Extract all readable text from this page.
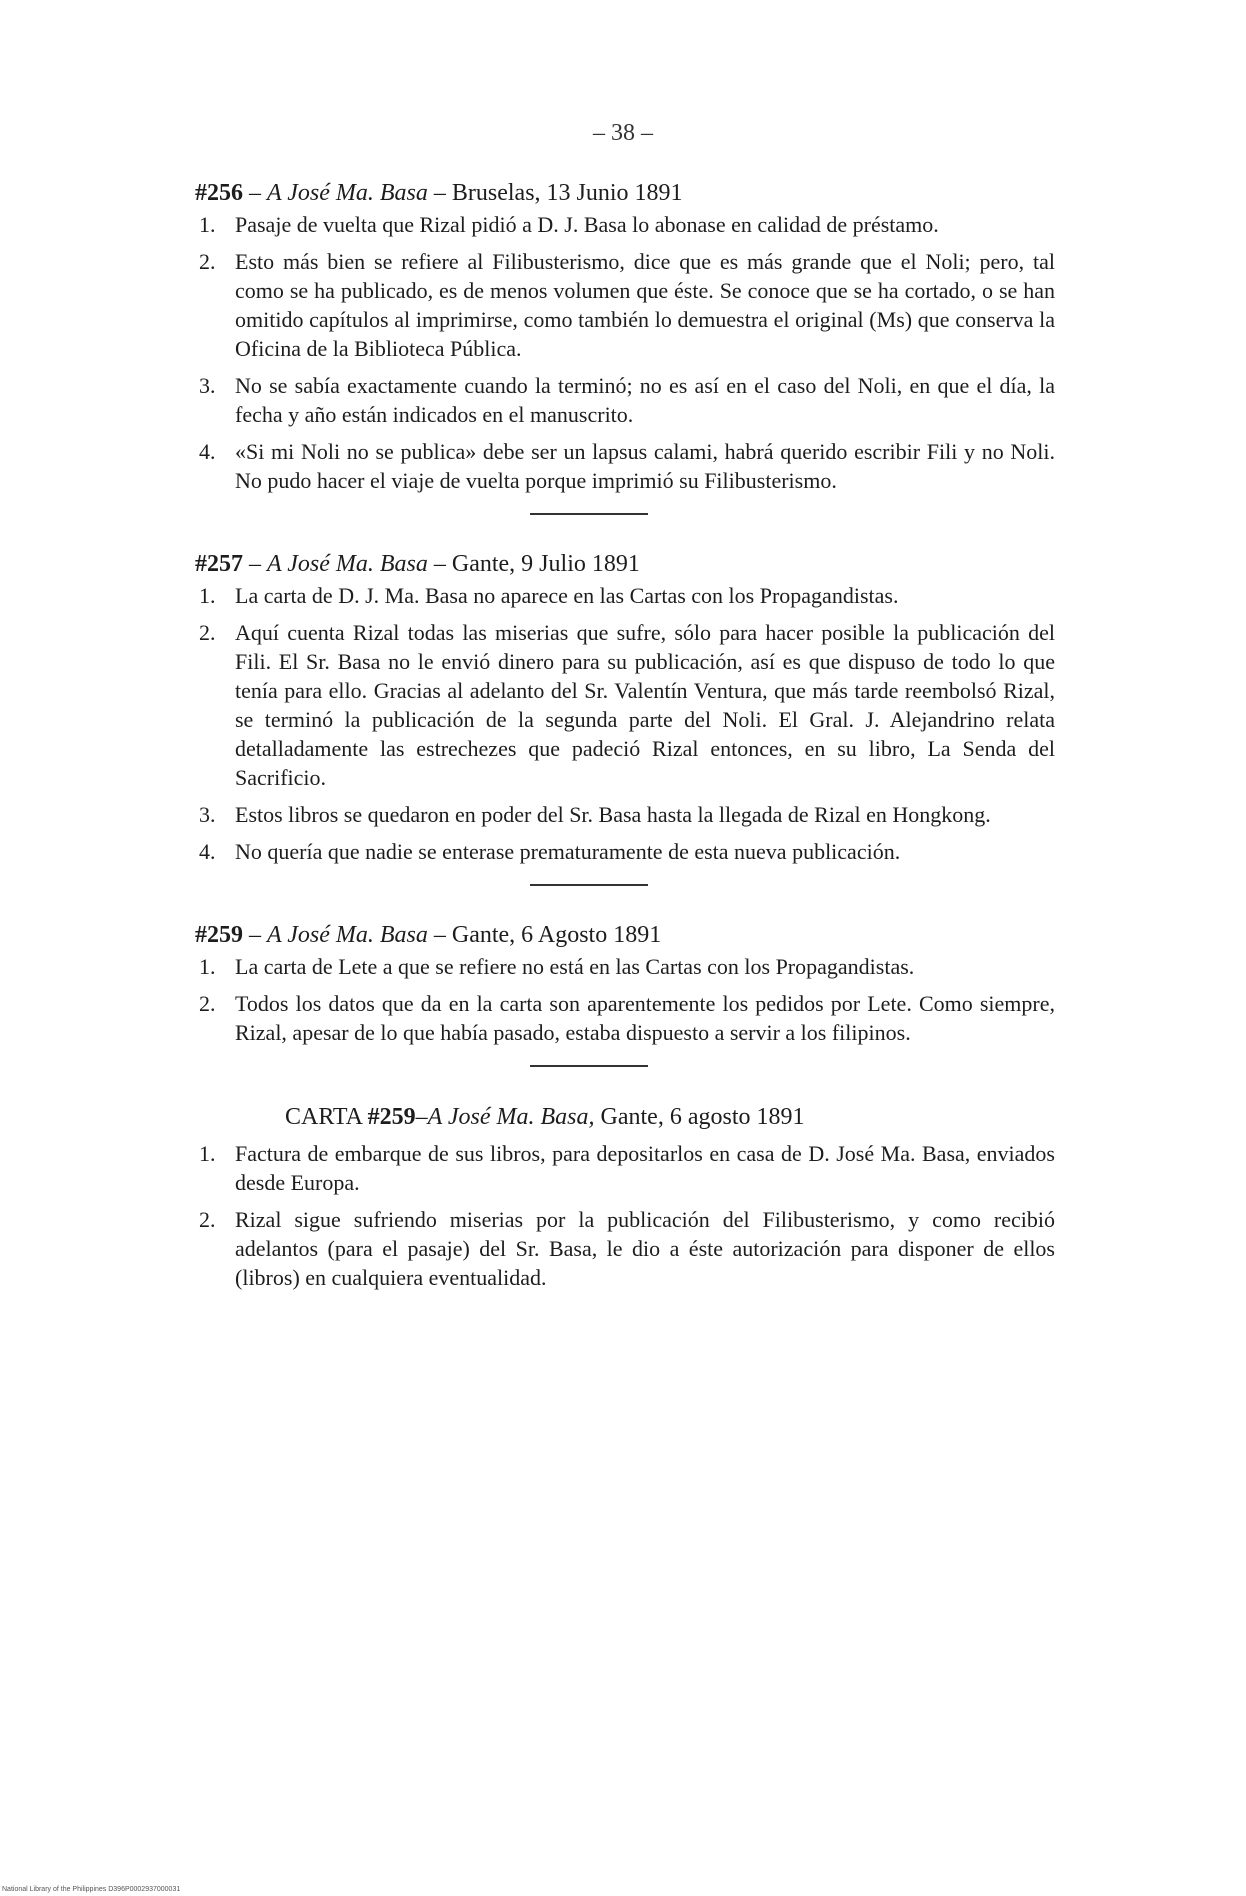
– 38 –
#256 – A José Ma. Basa – Bruselas, 13 Junio 1891
1. Pasaje de vuelta que Rizal pidió a D. J. Basa lo abonase en calidad de préstamo.
2. Esto más bien se refiere al Filibusterismo, dice que es más grande que el Noli; pero, tal como se ha publicado, es de menos volumen que éste. Se conoce que se ha cortado, o se han omitido capítulos al imprimirse, como también lo demuestra el original (Ms) que conserva la Oficina de la Biblioteca Pública.
3. No se sabía exactamente cuando la terminó; no es así en el caso del Noli, en que el día, la fecha y año están indicados en el manuscrito.
4. «Si mi Noli no se publica» debe ser un lapsus calami, habrá querido escribir Fili y no Noli. No pudo hacer el viaje de vuelta porque imprimió su Filibusterismo.
#257 – A José Ma. Basa – Gante, 9 Julio 1891
1. La carta de D. J. Ma. Basa no aparece en las Cartas con los Propagandistas.
2. Aquí cuenta Rizal todas las miserias que sufre, sólo para hacer posible la publicación del Fili. El Sr. Basa no le envió dinero para su publicación, así es que dispuso de todo lo que tenía para ello. Gracias al adelanto del Sr. Valentín Ventura, que más tarde reembolsó Rizal, se terminó la publicación de la segunda parte del Noli. El Gral. J. Alejandrino relata detalladamente las estrechezes que padeció Rizal entonces, en su libro, La Senda del Sacrificio.
3. Estos libros se quedaron en poder del Sr. Basa hasta la llegada de Rizal en Hongkong.
4. No quería que nadie se enterase prematuramente de esta nueva publicación.
#259 – A José Ma. Basa – Gante, 6 Agosto 1891
1. La carta de Lete a que se refiere no está en las Cartas con los Propagandistas.
2. Todos los datos que da en la carta son aparentemente los pedidos por Lete. Como siempre, Rizal, apesar de lo que había pasado, estaba dispuesto a servir a los filipinos.
CARTA #259–A José Ma. Basa, Gante, 6 agosto 1891
1. Factura de embarque de sus libros, para depositarlos en casa de D. José Ma. Basa, enviados desde Europa.
2. Rizal sigue sufriendo miserias por la publicación del Filibusterismo, y como recibió adelantos (para el pasaje) del Sr. Basa, le dio a éste autorización para disponer de ellos (libros) en cualquiera eventualidad.
National Library of the Philippines D396P0002937000031
